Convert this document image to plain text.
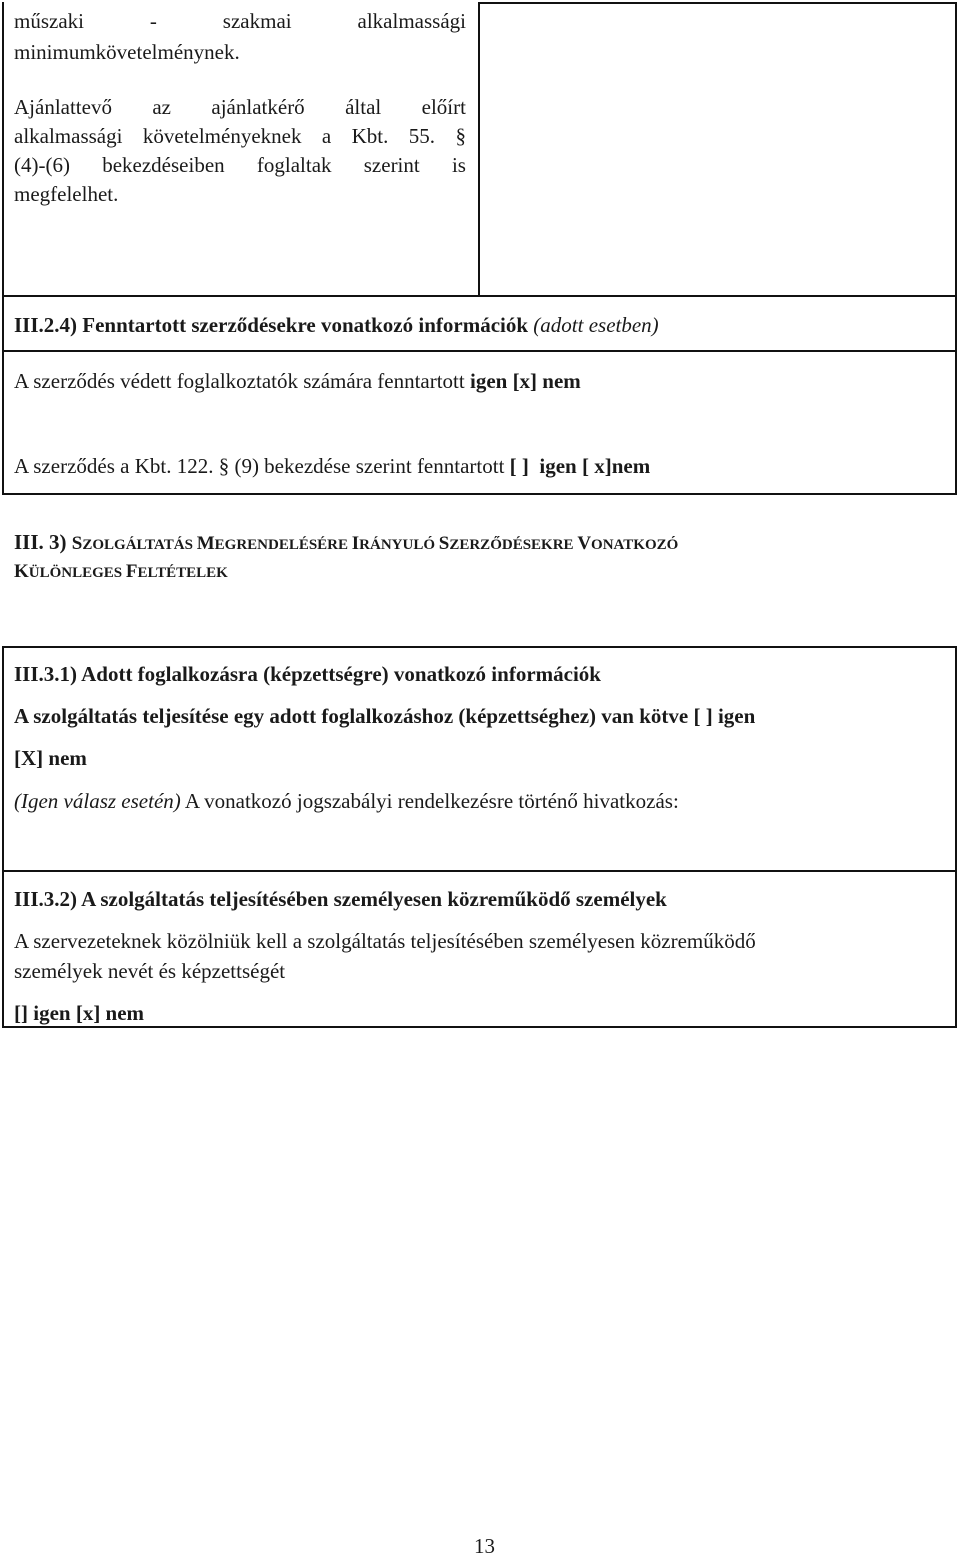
műszaki	-	szakmai	alkalmassági
minimumkövetelménynek.
Ajánlattevő az ajánlatkérő által előírt
alkalmassági követelményeknek a Kbt. 55. §
(4)-(6) bekezdéseiben foglaltak szerint is
megfelelhet.
III.2.4) Fenntartott szerződésekre vonatkozó információk (adott esetben)
A szerződés védett foglalkoztatók számára fenntartott igen [x] nem
A szerződés a Kbt. 122. § (9) bekezdése szerint fenntartott [ ]  igen [ x]nem
III. 3) SZOLGÁLTATÁS MEGRENDELÉSÉRE IRÁNYULÓ SZERZŐDÉSEKRE VONATKOZÓ
KÜLÖNLEGES FELTÉTELEK
III.3.1) Adott foglalkozásra (képzettségre) vonatkozó információk
A szolgáltatás teljesítése egy adott foglalkozáshoz (képzettséghez) van kötve [ ] igen
[X] nem
(Igen válasz esetén) A vonatkozó jogszabályi rendelkezésre történő hivatkozás:
III.3.2) A szolgáltatás teljesítésében személyesen közreműködő személyek
A szervezeteknek közölniük kell a szolgáltatás teljesítésében személyesen közreműködő
személyek nevét és képzettségét
[] igen [x] nem
13
